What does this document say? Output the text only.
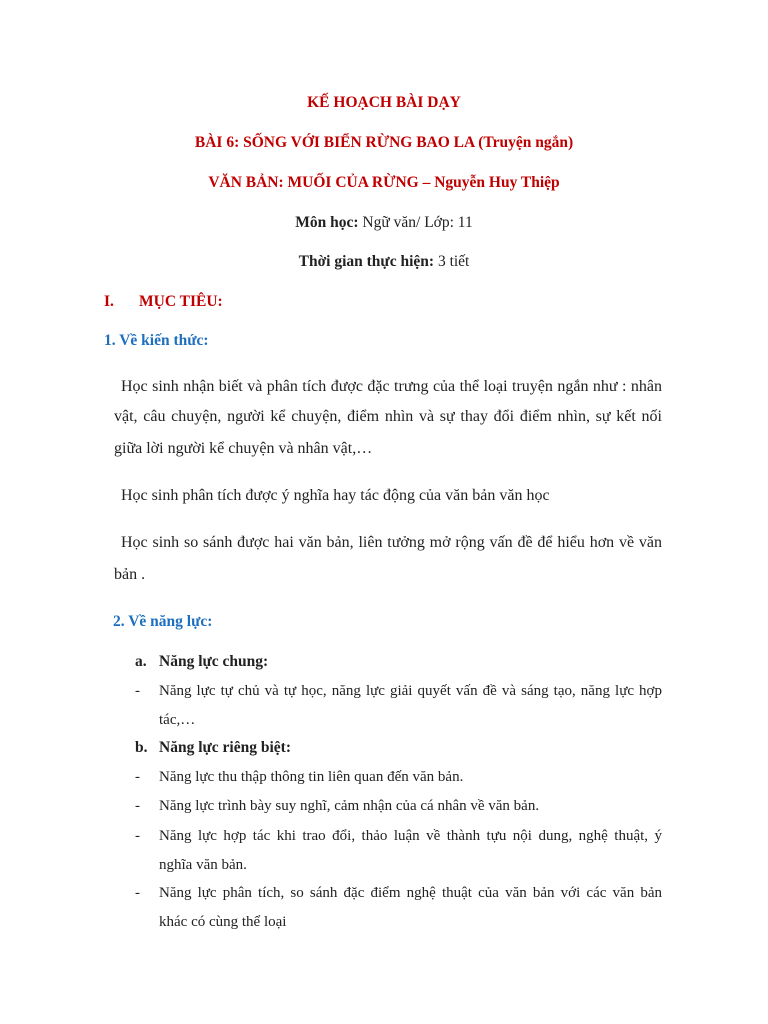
KẾ HOẠCH BÀI DẠY
BÀI 6: SỐNG VỚI BIỂN RỪNG BAO LA (Truyện ngắn)
VĂN BẢN: MUỐI CỦA RỪNG – Nguyễn Huy Thiệp
Môn học: Ngữ văn/ Lớp: 11
Thời gian thực hiện: 3 tiết
I. MỤC TIÊU:
1. Về kiến thức:
Học sinh nhận biết và phân tích được đặc trưng của thể loại truyện ngắn như : nhân
vật, câu chuyện, người kể chuyện, điểm nhìn và sự thay đổi điểm nhìn, sự kết nối
giữa lời người kể chuyện và nhân vật,…
Học sinh phân tích được ý nghĩa hay tác động của văn bản văn học
Học sinh so sánh được hai văn bản, liên tưởng mở rộng vấn đề để hiểu hơn về văn
bản .
2. Về năng lực:
a. Năng lực chung:
- Năng lực tự chủ và tự học, năng lực giải quyết vấn đề và sáng tạo, năng lực hợp
tác,…
b. Năng lực riêng biệt:
- Năng lực thu thập thông tin liên quan đến văn bản.
- Năng lực trình bày suy nghĩ, cảm nhận của cá nhân về văn bản.
- Năng lực hợp tác khi trao đổi, thảo luận về thành tựu nội dung, nghệ thuật, ý
nghĩa văn bản.
- Năng lực phân tích, so sánh đặc điểm nghệ thuật của văn bản với các văn bản
khác có cùng thể loại
